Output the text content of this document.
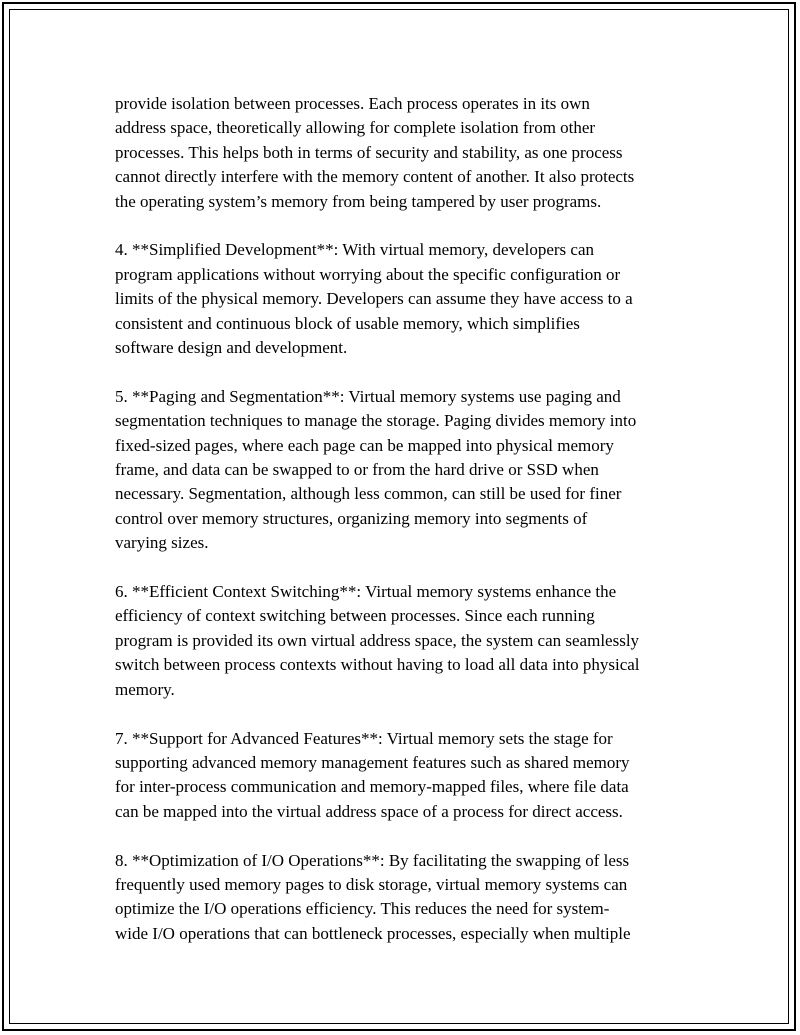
provide isolation between processes. Each process operates in its own
address space, theoretically allowing for complete isolation from other
processes. This helps both in terms of security and stability, as one process
cannot directly interfere with the memory content of another. It also protects
the operating system’s memory from being tampered by user programs.

4. **Simplified Development**: With virtual memory, developers can
program applications without worrying about the specific configuration or
limits of the physical memory. Developers can assume they have access to a
consistent and continuous block of usable memory, which simplifies
software design and development.

5. **Paging and Segmentation**: Virtual memory systems use paging and
segmentation techniques to manage the storage. Paging divides memory into
fixed-sized pages, where each page can be mapped into physical memory
frame, and data can be swapped to or from the hard drive or SSD when
necessary. Segmentation, although less common, can still be used for finer
control over memory structures, organizing memory into segments of
varying sizes.

6. **Efficient Context Switching**: Virtual memory systems enhance the
efficiency of context switching between processes. Since each running
program is provided its own virtual address space, the system can seamlessly
switch between process contexts without having to load all data into physical
memory.

7. **Support for Advanced Features**: Virtual memory sets the stage for
supporting advanced memory management features such as shared memory
for inter-process communication and memory-mapped files, where file data
can be mapped into the virtual address space of a process for direct access.

8. **Optimization of I/O Operations**: By facilitating the swapping of less
frequently used memory pages to disk storage, virtual memory systems can
optimize the I/O operations efficiency. This reduces the need for system-
wide I/O operations that can bottleneck processes, especially when multiple
